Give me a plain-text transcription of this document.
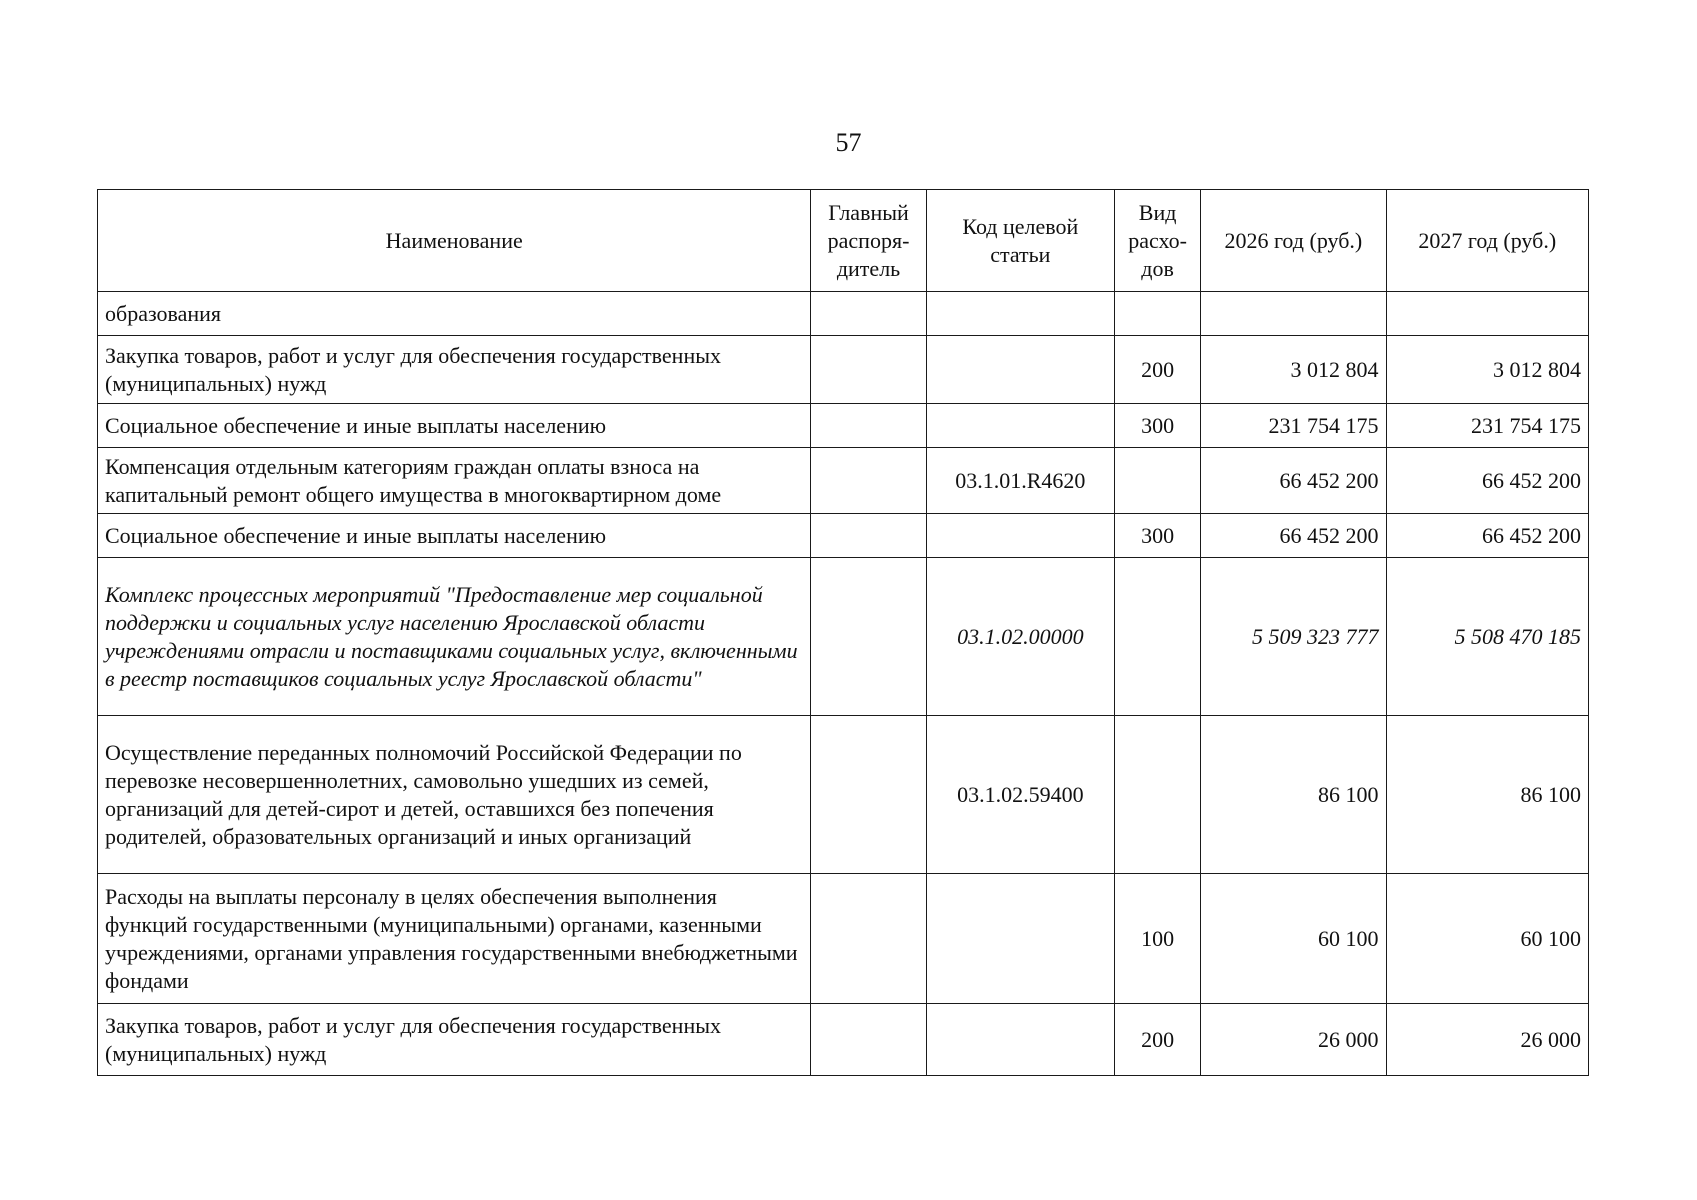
57
Наименование	Главный распоря-дитель	Код целевой статьи	Вид расхо-дов	2026 год (руб.)	2027 год (руб.)
образования					
Закупка товаров, работ и услуг для обеспечения государственных (муниципальных) нужд			200	3 012 804	3 012 804
Социальное обеспечение и иные выплаты населению			300	231 754 175	231 754 175
Компенсация отдельным категориям граждан оплаты взноса на капитальный ремонт общего имущества в многоквартирном доме		03.1.01.R4620		66 452 200	66 452 200
Социальное обеспечение и иные выплаты населению			300	66 452 200	66 452 200
Комплекс процессных мероприятий "Предоставление мер социальной поддержки и социальных услуг населению Ярославской области учреждениями отрасли и поставщиками социальных услуг, включенными в реестр поставщиков социальных услуг Ярославской области"		03.1.02.00000		5 509 323 777	5 508 470 185
Осуществление переданных полномочий Российской Федерации по перевозке несовершеннолетних, самовольно ушедших из семей, организаций для детей-сирот и детей, оставшихся без попечения родителей, образовательных организаций и иных организаций		03.1.02.59400		86 100	86 100
Расходы на выплаты персоналу в целях обеспечения выполнения функций государственными (муниципальными) органами, казенными учреждениями, органами управления государственными внебюджетными фондами			100	60 100	60 100
Закупка товаров, работ и услуг для обеспечения государственных (муниципальных) нужд			200	26 000	26 000
